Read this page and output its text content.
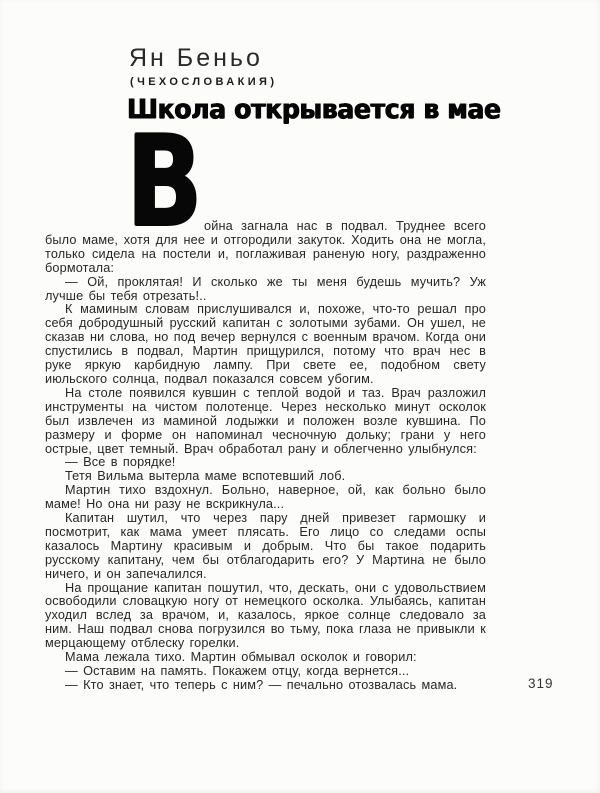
Ян Беньо
(ЧЕХОСЛОВАКИЯ)
Школа открывается в мае
В ойна загнала нас в подвал. Труднее всего было маме, хотя для нее и отгородили закуток. Ходить она не могла, только сидела на постели и, поглаживая раненую ногу, раздраженно бормотала:

— Ой, проклятая! И сколько же ты меня будешь мучить? Уж лучше бы тебя отрезать!..

К маминым словам прислушивался и, похоже, что-то решал про себя добродушный русский капитан с золотыми зубами. Он ушел, не сказав ни слова, но под вечер вернулся с военным врачом. Когда они спустились в подвал, Мартин прищурился, потому что врач нес в руке яркую карбидную лампу. При свете ее, подобном свету июльского солнца, подвал показался совсем убогим.

На столе появился кувшин с теплой водой и таз. Врач разложил инструменты на чистом полотенце. Через несколько минут осколок был извлечен из маминой лодыжки и положен возле кувшина. По размеру и форме он напоминал чесночную дольку; грани у него острые, цвет темный. Врач обработал рану и облегченно улыбнулся:

— Все в порядке!

Тетя Вильма вытерла маме вспотевший лоб.

Мартин тихо вздохнул. Больно, наверное, ой, как больно было маме! Но она ни разу не вскрикнула...

Капитан шутил, что через пару дней привезет гармошку и посмотрит, как мама умеет плясать. Его лицо со следами оспы казалось Мартину красивым и добрым. Что бы такое подарить русскому капитану, чем бы отблагодарить его? У Мартина не было ничего, и он запечалился.

На прощание капитан пошутил, что, дескать, они с удовольствием освободили словацкую ногу от немецкого осколка. Улыбаясь, капитан уходил вслед за врачом, и, казалось, яркое солнце следовало за ним. Наш подвал снова погрузился во тьму, пока глаза не привыкли к мерцающему отблеску горелки.

Мама лежала тихо. Мартин обмывал осколок и говорил:

— Оставим на память. Покажем отцу, когда вернется...

— Кто знает, что теперь с ним? — печально отозвалась мама.	319
